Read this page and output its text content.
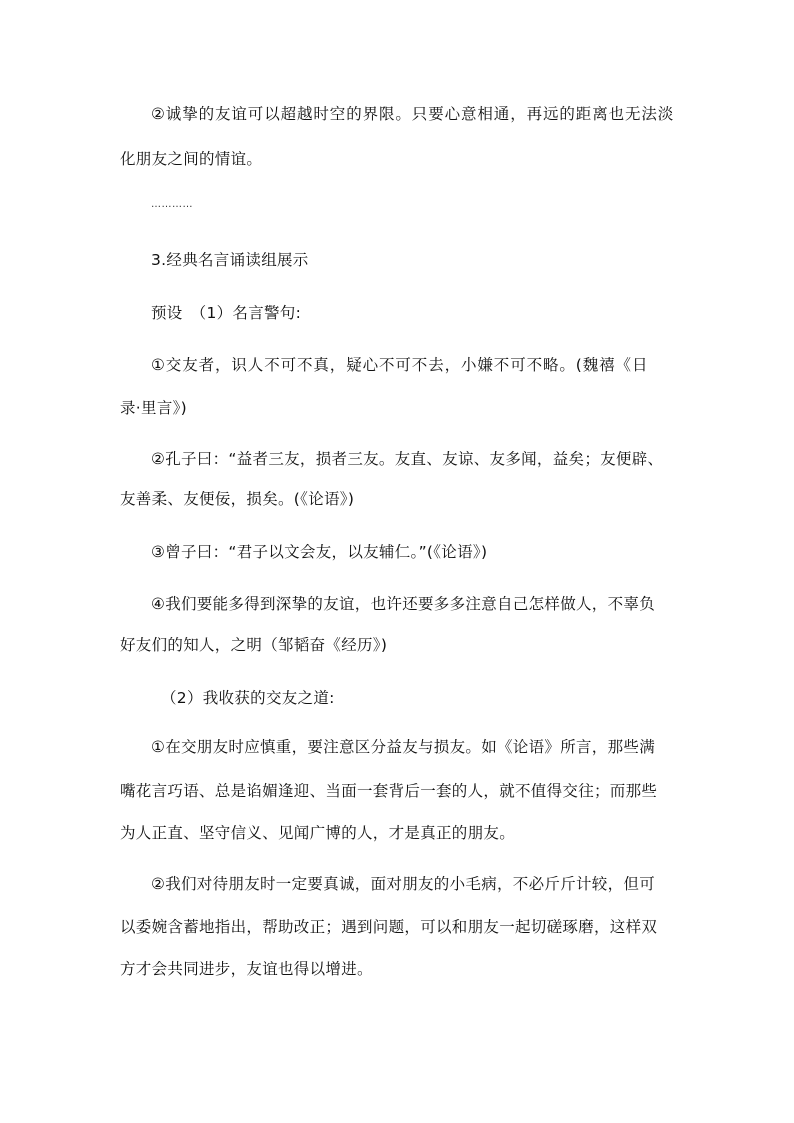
②诚挚的友谊可以超越时空的界限。只要心意相通，再远的距离也无法淡
化朋友之间的情谊。
…………
3.经典名言诵读组展示
预设　（1）名言警句:
①交友者，识人不可不真，疑心不可不去，小嫌不可不略。(魏禧《日
录·里言》)
②孔子曰：“益者三友，损者三友。友直、友谅、友多闻，益矣；友便辟、
友善柔、友便佞，损矣。(《论语》)
③曾子曰：“君子以文会友，以友辅仁。”(《论语》)
④我们要能多得到深挚的友谊，也许还要多多注意自己怎样做人，不辜负
好友们的知人，之明（邹韬奋《经历》)
（2）我收获的交友之道:
①在交朋友时应慎重，要注意区分益友与损友。如《论语》所言，那些满
嘴花言巧语、总是谄媚逢迎、当面一套背后一套的人，就不值得交往；而那些
为人正直、坚守信义、见闻广博的人，才是真正的朋友。
②我们对待朋友时一定要真诚，面对朋友的小毛病，不必斤斤计较，但可
以委婉含蓄地指出，帮助改正；遇到问题，可以和朋友一起切磋琢磨，这样双
方才会共同进步，友谊也得以增进。
